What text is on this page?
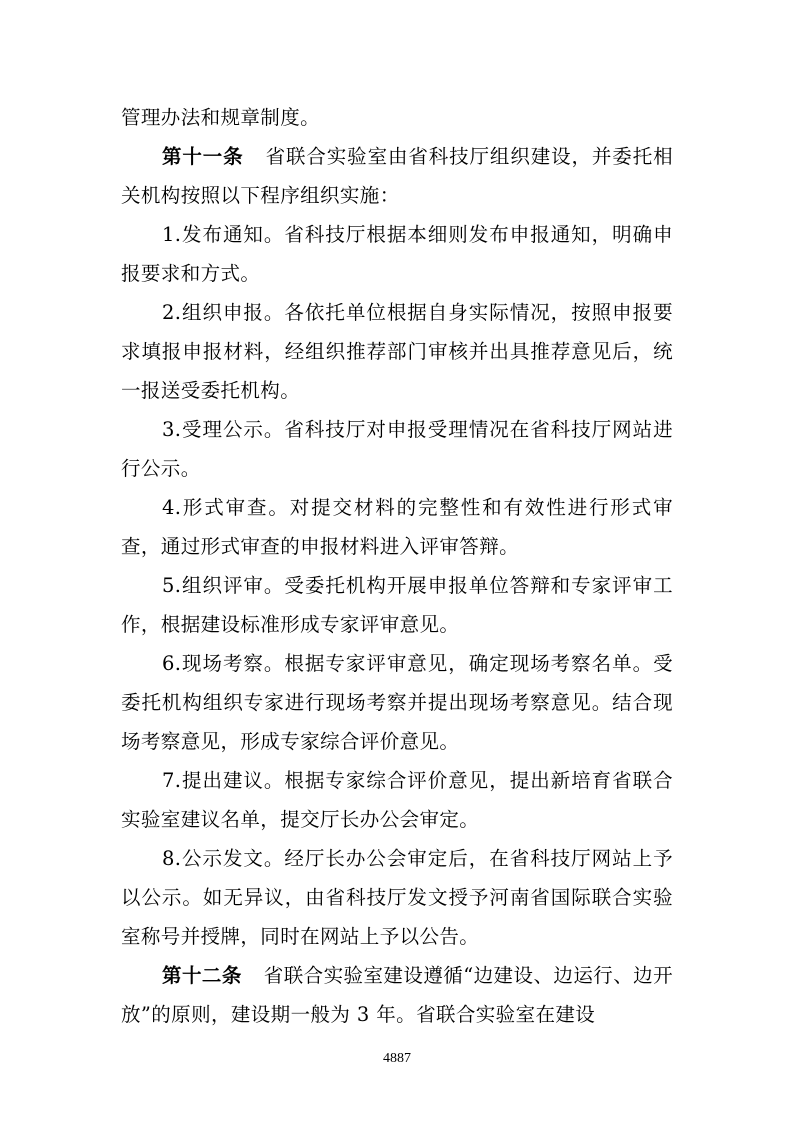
管理办法和规章制度。

第十一条 省联合实验室由省科技厅组织建设，并委托相关机构按照以下程序组织实施：

1.发布通知。省科技厅根据本细则发布申报通知，明确申报要求和方式。

2.组织申报。各依托单位根据自身实际情况，按照申报要求填报申报材料，经组织推荐部门审核并出具推荐意见后，统一报送受委托机构。

3.受理公示。省科技厅对申报受理情况在省科技厅网站进行公示。

4.形式审查。对提交材料的完整性和有效性进行形式审查，通过形式审查的申报材料进入评审答辩。

5.组织评审。受委托机构开展申报单位答辩和专家评审工作，根据建设标准形成专家评审意见。

6.现场考察。根据专家评审意见，确定现场考察名单。受委托机构组织专家进行现场考察并提出现场考察意见。结合现场考察意见，形成专家综合评价意见。

7.提出建议。根据专家综合评价意见，提出新培育省联合实验室建议名单，提交厅长办公会审定。

8.公示发文。经厅长办公会审定后，在省科技厅网站上予以公示。如无异议，由省科技厅发文授予河南省国际联合实验室称号并授牌，同时在网站上予以公告。

第十二条 省联合实验室建设遵循“边建设、边运行、边开放”的原则，建设期一般为 3 年。省联合实验室在建设

4887
